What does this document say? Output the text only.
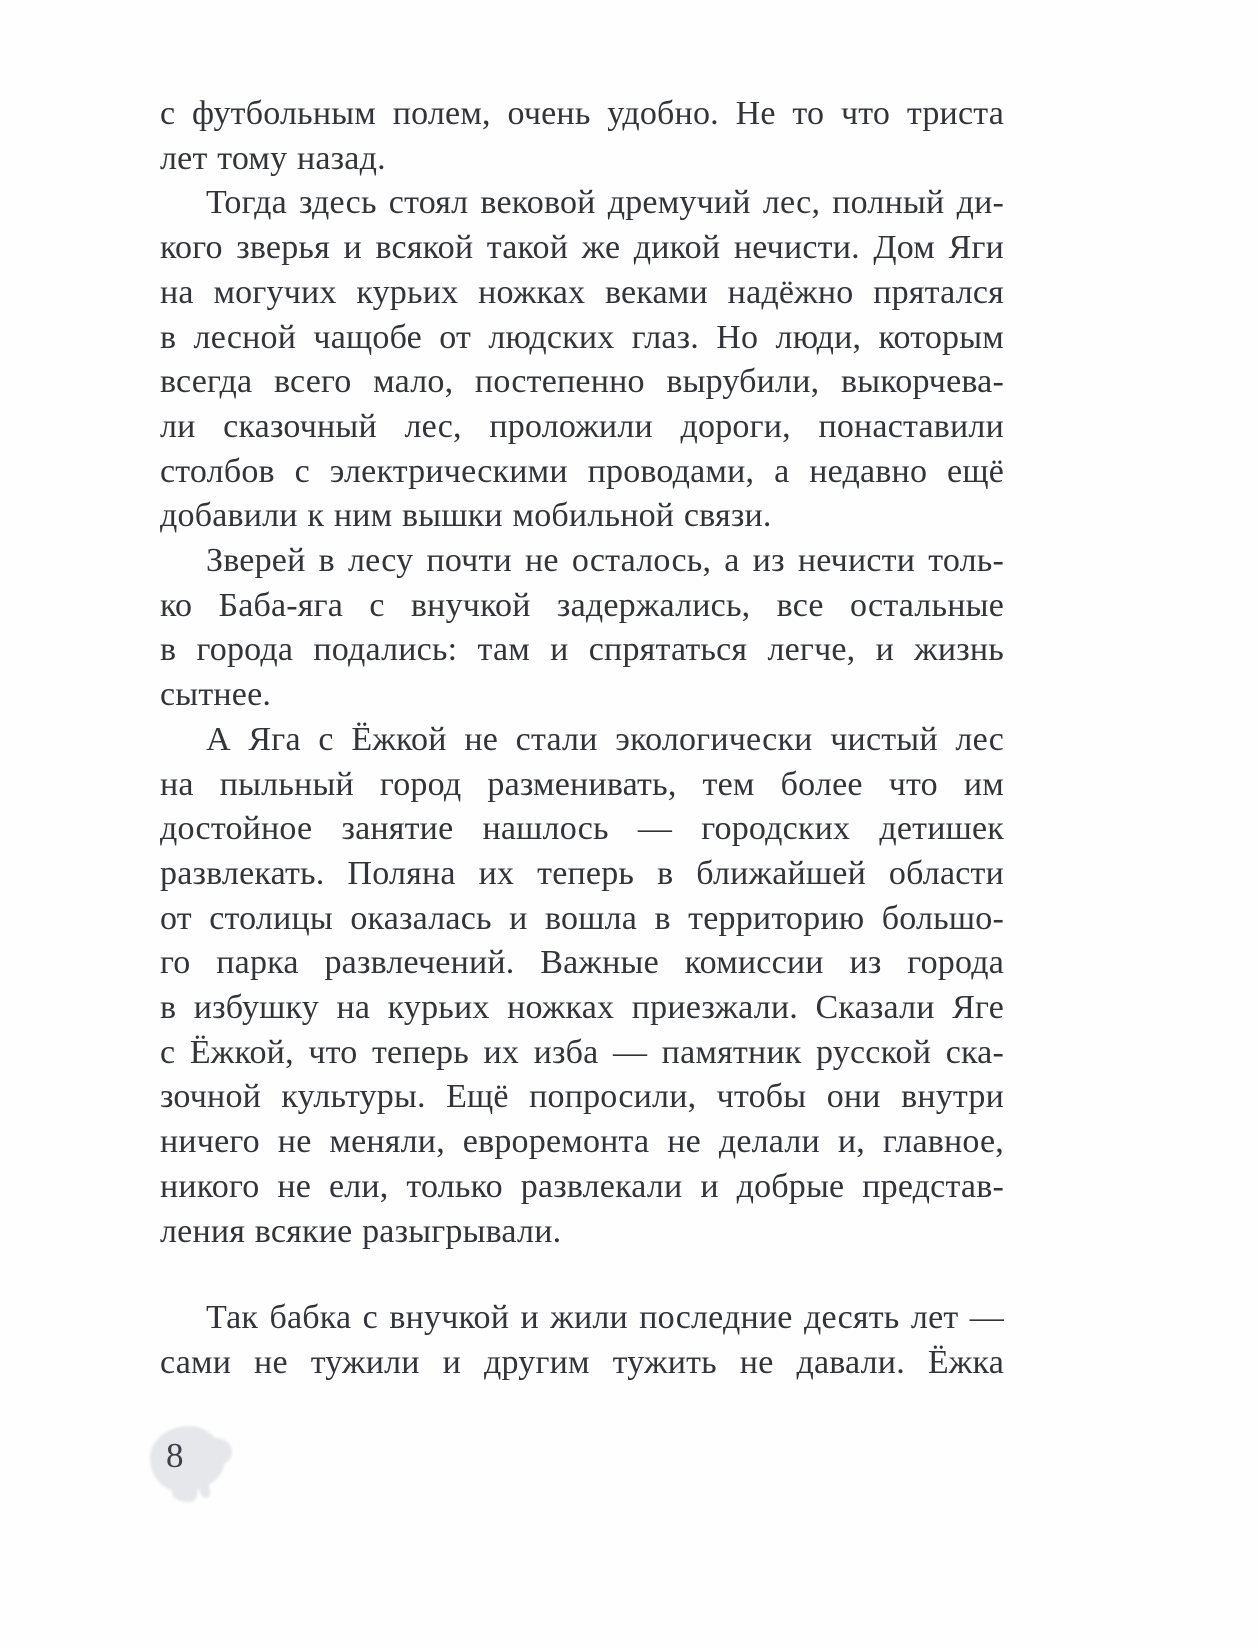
с футбольным полем, очень удобно. Не то что триста
лет тому назад.

Тогда здесь стоял вековой дремучий лес, полный ди-
кого зверья и всякой такой же дикой нечисти. Дом Яги
на могучих курьих ножках веками надёжно прятался
в лесной чащобе от людских глаз. Но люди, которым
всегда всего мало, постепенно вырубили, выкорчева-
ли сказочный лес, проложили дороги, понаставили
столбов с электрическими проводами, а недавно ещё
добавили к ним вышки мобильной связи.

Зверей в лесу почти не осталось, а из нечисти толь-
ко Баба-яга с внучкой задержались, все остальные
в города подались: там и спрятаться легче, и жизнь
сытнее.

А Яга с Ёжкой не стали экологически чистый лес
на пыльный город разменивать, тем более что им
достойное занятие нашлось — городских детишек
развлекать. Поляна их теперь в ближайшей области
от столицы оказалась и вошла в территорию большо-
го парка развлечений. Важные комиссии из города
в избушку на курьих ножках приезжали. Сказали Яге
с Ёжкой, что теперь их изба — памятник русской ска-
зочной культуры. Ещё попросили, чтобы они внутри
ничего не меняли, евроремонта не делали и, главное,
никого не ели, только развлекали и добрые представ-
ления всякие разыгрывали.

Так бабка с внучкой и жили последние десять лет —
сами не тужили и другим тужить не давали. Ёжка

8
